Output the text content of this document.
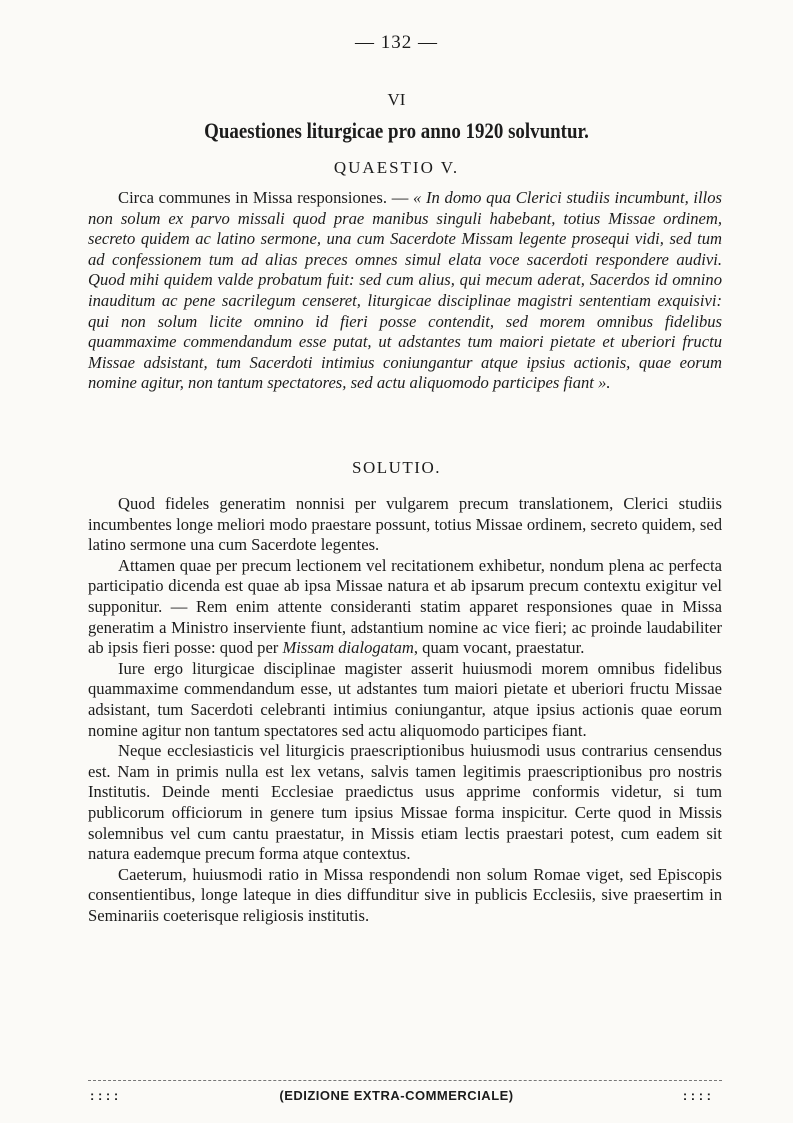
— 132 —
VI
Quaestiones liturgicae pro anno 1920 solvuntur.
QUAESTIO V.
Circa communes in Missa responsiones. — « In domo qua Clerici studiis incumbunt, illos non solum ex parvo missali quod prae manibus singuli habebant, totius Missae ordinem, secreto quidem ac latino sermone, una cum Sacerdote Missam legente prosequi vidi, sed tum ad confessionem tum ad alias preces omnes simul elata voce sacerdoti respondere audivi. Quod mihi quidem valde probatum fuit: sed cum alius, qui mecum aderat, Sacerdos id omnino inauditum ac pene sacrilegum censeret, liturgicae disciplinae magistri sententiam exquisivi: qui non solum licite omnino id fieri posse contendit, sed morem omnibus fidelibus quammaxime commendandum esse putat, ut adstantes tum maiori pietate et uberiori fructu Missae adsistant, tum Sacerdoti intimius coniungantur atque ipsius actionis, quae eorum nomine agitur, non tantum spectatores, sed actu aliquomodo participes fiant ».
SOLUTIO.

Quod fideles generatim nonnisi per vulgarem precum translationem, Clerici studiis incumbentes longe meliori modo praestare possunt, totius Missae ordinem, secreto quidem, sed latino sermone una cum Sacerdote legentes.

Attamen quae per precum lectionem vel recitationem exhibetur, nondum plena ac perfecta participatio dicenda est quae ab ipsa Missae natura et ab ipsarum precum contextu exigitur vel supponitur. — Rem enim attente consideranti statim apparet responsiones quae in Missa generatim a Ministro inserviente fiunt, adstantium nomine ac vice fieri; ac proinde laudabiliter ab ipsis fieri posse: quod per Missam dialogatam, quam vocant, praestatur.

Iure ergo liturgicae disciplinae magister asserit huiusmodi morem omnibus fidelibus quammaxime commendandum esse, ut adstantes tum maiori pietate et uberiori fructu Missae adsistant, tum Sacerdoti celebranti intimius coniungantur, atque ipsius actionis quae eorum nomine agitur non tantum spectatores sed actu aliquomodo participes fiant.

Neque ecclesiasticis vel liturgicis praescriptionibus huiusmodi usus contrarius censendus est. Nam in primis nulla est lex vetans, salvis tamen legitimis praescriptionibus pro nostris Institutis. Deinde menti Ecclesiae praedictus usus apprime conformis videtur, si tum publicorum officiorum in genere tum ipsius Missae forma inspicitur. Certe quod in Missis solemnibus vel cum cantu praestatur, in Missis etiam lectis praestari potest, cum eadem sit natura eademque precum forma atque contextus.

Caeterum, huiusmodi ratio in Missa respondendi non solum Romae viget, sed Episcopis consentientibus, longe lateque in dies diffunditur sive in publicis Ecclesiis, sive praesertim in Seminariis coeterisque religiosis institutis.

: : : :	(EDIZIONE EXTRA-COMMERCIALE)	: : : :
